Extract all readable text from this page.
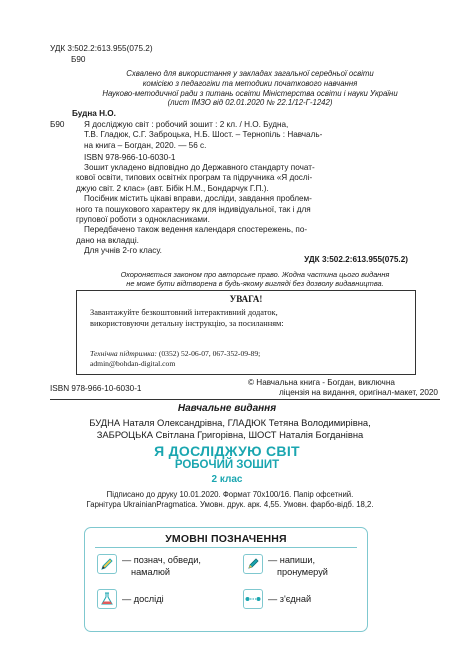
УДК 3:502.2:613.955(075.2)
Б90
Схвалено для використання у закладах загальної середньої освіти
комісією з педагогіки та методики початкового навчання
Науково-методичної ради з питань освіти Міністерства освіти і науки України
(лист ІМЗО від 02.01.2020 № 22.1/12-Г-1242)
Будна Н.О.
Б90 Я досліджую світ : робочий зошит : 2 кл. / Н.О. Будна,
Т.В. Гладюк, С.Г. Заброцька, Н.Б. Шост. – Тернопіль : Навчаль-
на книга – Богдан, 2020. — 56 с.
ISBN 978-966-10-6030-1
Зошит укладено відповідно до Державного стандарту почат-
кової освіти, типових освітніх програм та підручника «Я дослі-
джую світ. 2 клас» (авт. Бібік Н.М., Бондарчук Г.П.).
Посібник містить цікаві вправи, досліди, завдання проблем-
ного та пошукового характеру як для індивідуальної, так і для
групової роботи з однокласниками.
Передбачено також ведення календаря спостережень, по-
дано на вкладці.
Для учнів 2-го класу.
УДК 3:502.2:613.955(075.2)
Охороняється законом про авторське право. Жодна частина цього видання
не може бути відтворена в будь-якому вигляді без дозволу видавництва.
УВАГА!
Завантажуйте безкоштовний інтерактивний додаток,
використовуючи детальну інструкцію, за посиланням:
Технічна підтримка: (0352) 52-06-07, 067-352-09-89;
admin@bohdan-digital.com
ISBN 978-966-10-6030-1
© Навчальна книга - Богдан, виключна
ліцензія на видання, оригінал-макет, 2020
Навчальне видання
БУДНА Наталя Олександрівна, ГЛАДЮК Тетяна Володимирівна,
ЗАБРОЦЬКА Світлана Григорівна, ШОСТ Наталія Богданівна
Я ДОСЛІДЖУЮ СВІТ
РОБОЧИЙ ЗОШИТ
2 клас
Підписано до друку 10.01.2020. Формат 70х100/16. Папір офсетний.
Гарнітура UkrainianPragmatica. Умовн. друк. арк. 4,55. Умовн. фарбо-відб. 18,2.
УМОВНІ ПОЗНАЧЕННЯ
— познач, обведи,
намалюй
— напиши,
пронумеруй
— дослідi	— з'єднай
